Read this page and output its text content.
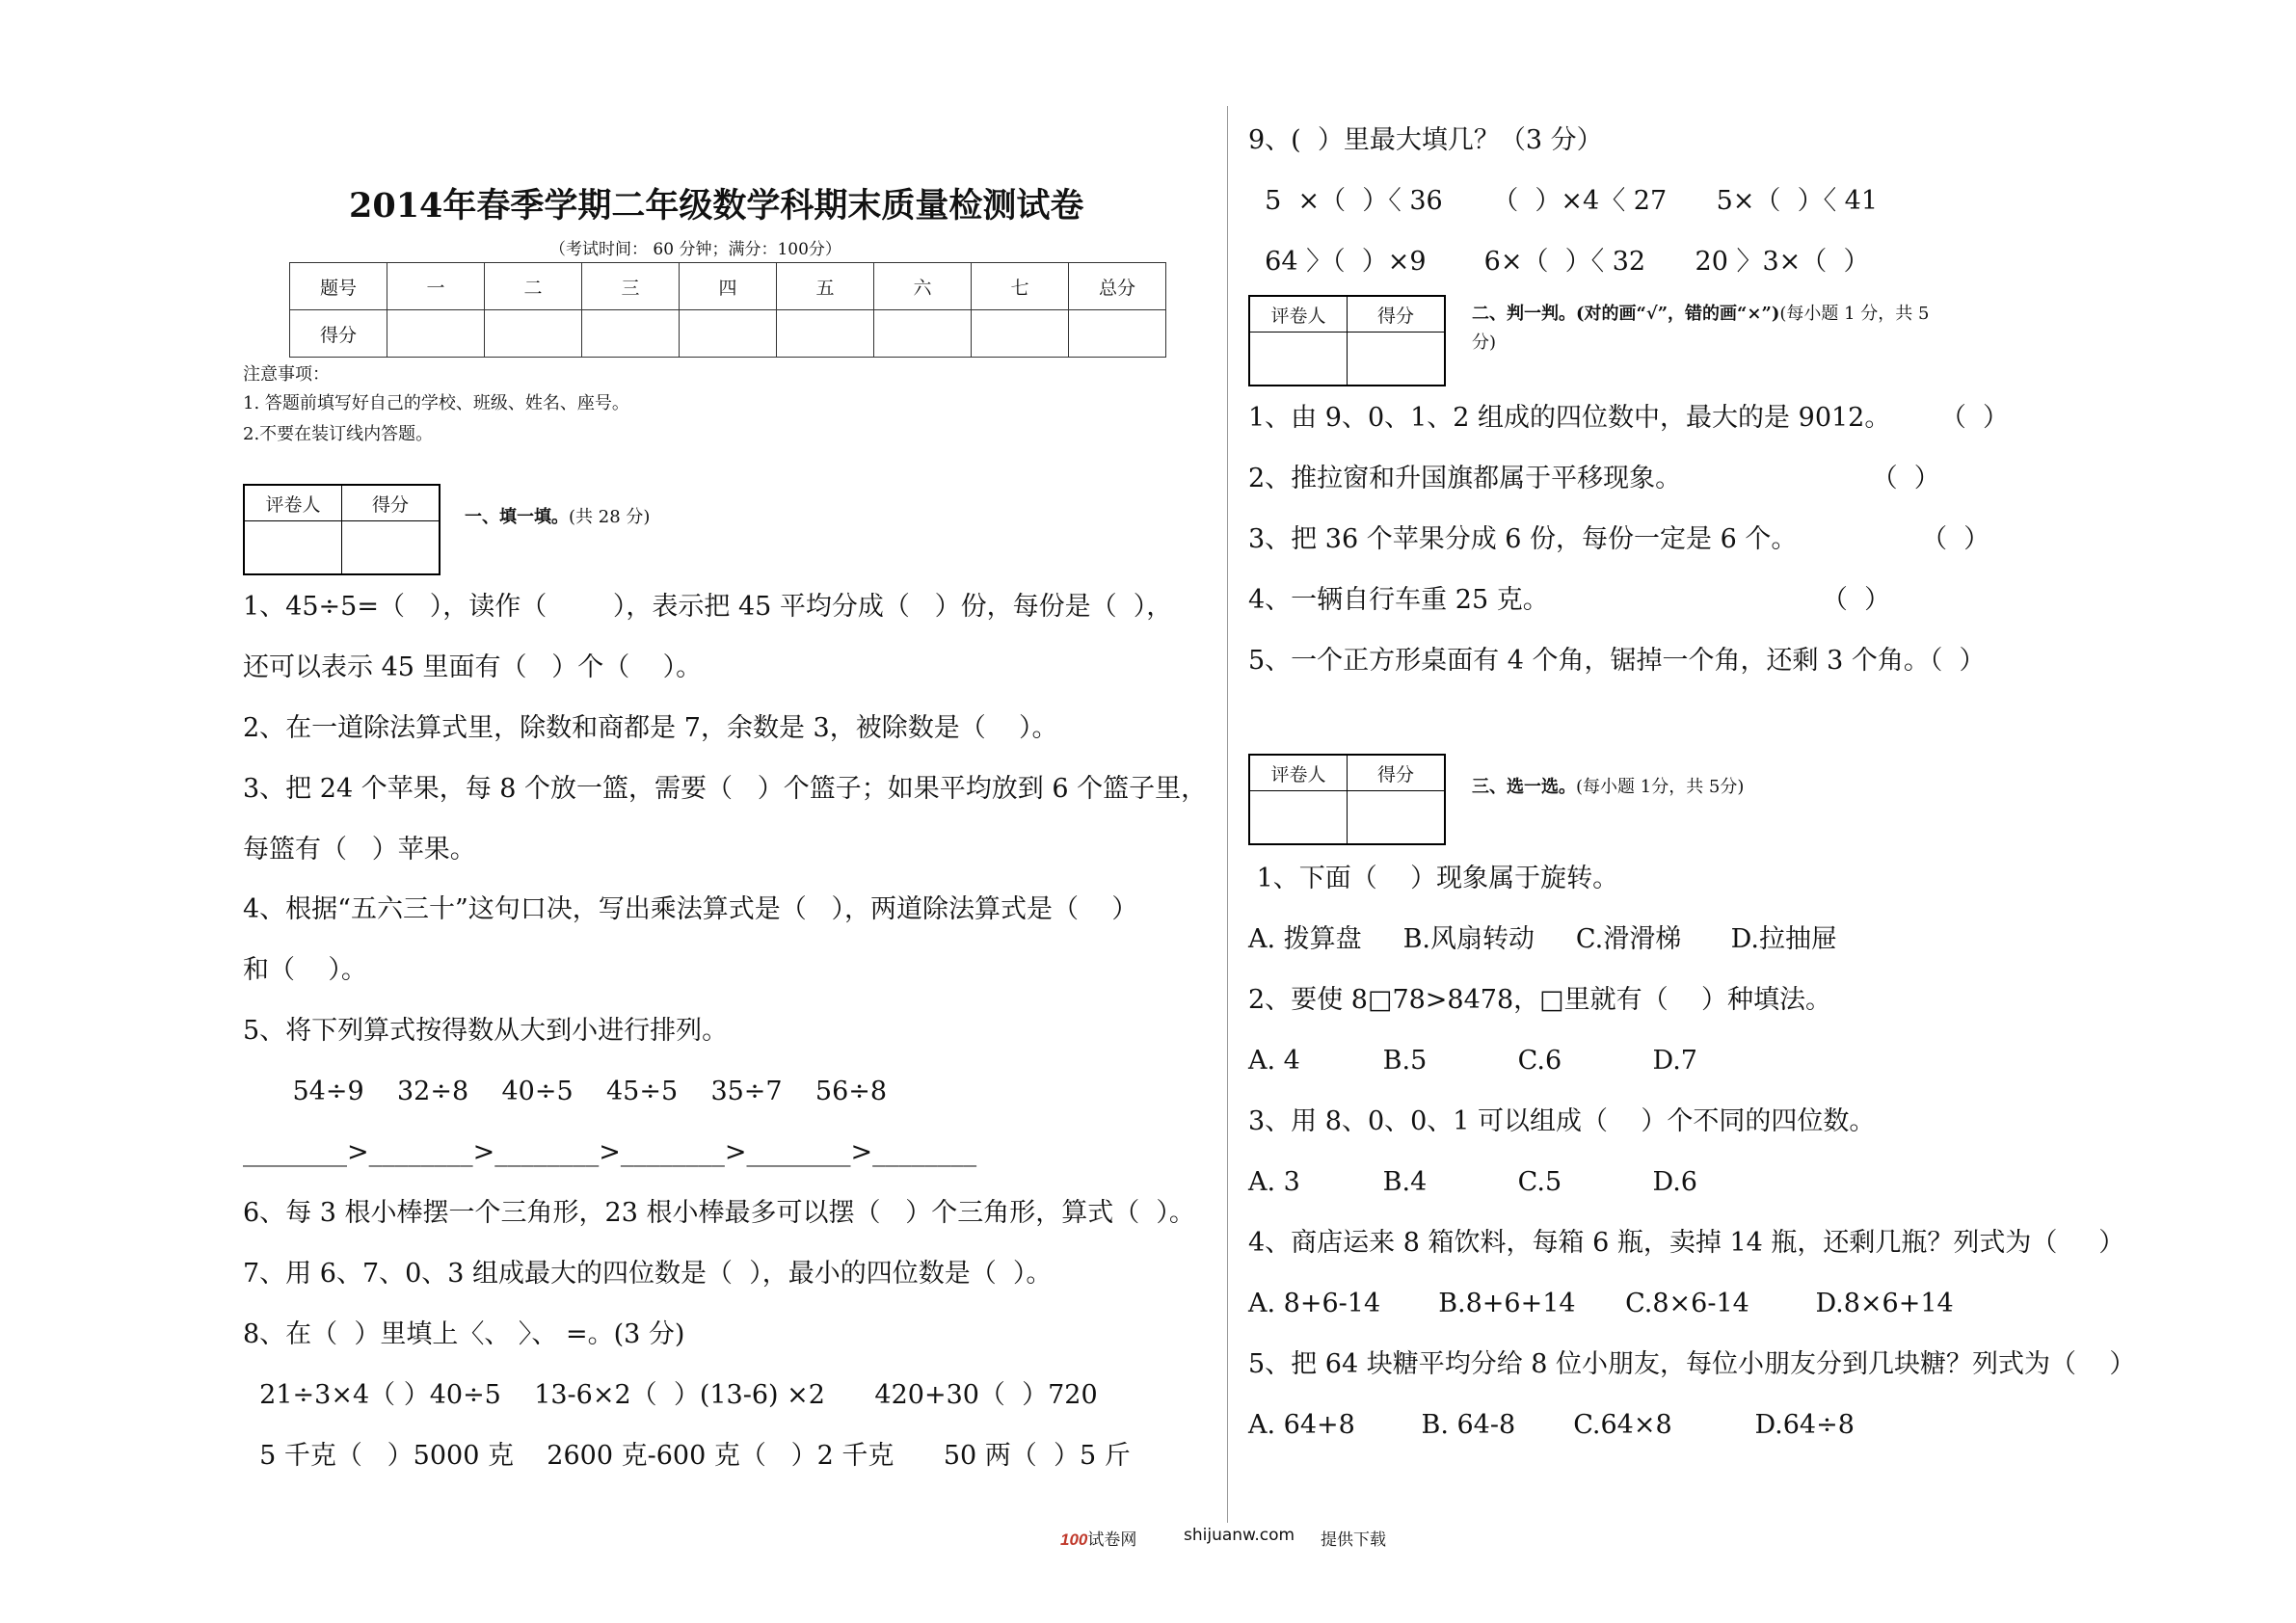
2014年春季学期二年级数学科期末质量检测试卷
（考试时间： 60 分钟；满分：100分）
题号	一	二	三	四	五	六	七	总分
得分								
注意事项：
1. 答题前填写好自己的学校、班级、姓名、座号。
2.不要在装订线内答题。
评卷人	得分

一、填一填。(共 28 分)
1、45÷5=（   ），读作（        ），表示把 45 平均分成（   ）份，每份是（  ），
还可以表示 45 里面有（   ）个（    ）。
2、在一道除法算式里，除数和商都是 7，余数是 3，被除数是（    ）。
3、把 24 个苹果，每 8 个放一篮，需要（   ）个篮子；如果平均放到 6 个篮子里，
每篮有（   ）苹果。
4、根据“五六三十”这句口决，写出乘法算式是（   ），两道除法算式是（    ）
和（    ）。
5、将下列算式按得数从大到小进行排列。
54÷9    32÷8    40÷5    45÷5    35÷7    56÷8
________>________>________>________>________>________
6、每 3 根小棒摆一个三角形，23 根小棒最多可以摆（   ）个三角形，算式（  ）。
7、用 6、7、0、3 组成最大的四位数是（  ），最小的四位数是（  ）。
8、在（  ）里填上〈、 〉、 =。(3 分)
21÷3×4（ ）40÷5    13-6×2（  ）(13-6) ×2      420+30（  ）720
5 千克（   ）5000 克    2600 克-600 克（   ）2 千克      50 两（  ）5 斤
9、(  ）里最大填几？（3 分）
5  ×（  ）〈 36      （  ）×4〈 27      5×（  ）〈 41
64 〉（  ）×9       6×（  ）〈 32      20 〉3×（  ）
评卷人	得分
		二、判一判。(对的画“√”，错的画“×”)(每小题 1 分，共 5
分)
1、由 9、0、1、2 组成的四位数中，最大的是 9012。      （  ）
2、推拉窗和升国旗都属于平移现象。                       （  ）
3、把 36 个苹果分成 6 份，每份一定是 6 个。               （  ）
4、一辆自行车重 25 克。                                 （  ）
5、一个正方形桌面有 4 个角，锯掉一个角，还剩 3 个角。（  ）
评卷人	得分

三、选一选。(每小题 1分，共 5分)
1、下面（    ）现象属于旋转。
A. 拨算盘     B.风扇转动     C.滑滑梯      D.拉抽屉
2、要使 8□78>8478，□里就有（    ）种填法。
A. 4          B.5           C.6           D.7
3、用 8、0、0、1 可以组成（    ）个不同的四位数。
A. 3          B.4           C.5           D.6
4、商店运来 8 箱饮料，每箱 6 瓶，卖掉 14 瓶，还剩几瓶？列式为（     ）
A. 8+6-14       B.8+6+14      C.8×6-14        D.8×6+14
5、把 64 块糖平均分给 8 位小朋友，每位小朋友分到几块糖？列式为（    ）
A. 64+8        B. 64-8       C.64×8          D.64÷8
100试卷网	shijuanw.com 提供下载
